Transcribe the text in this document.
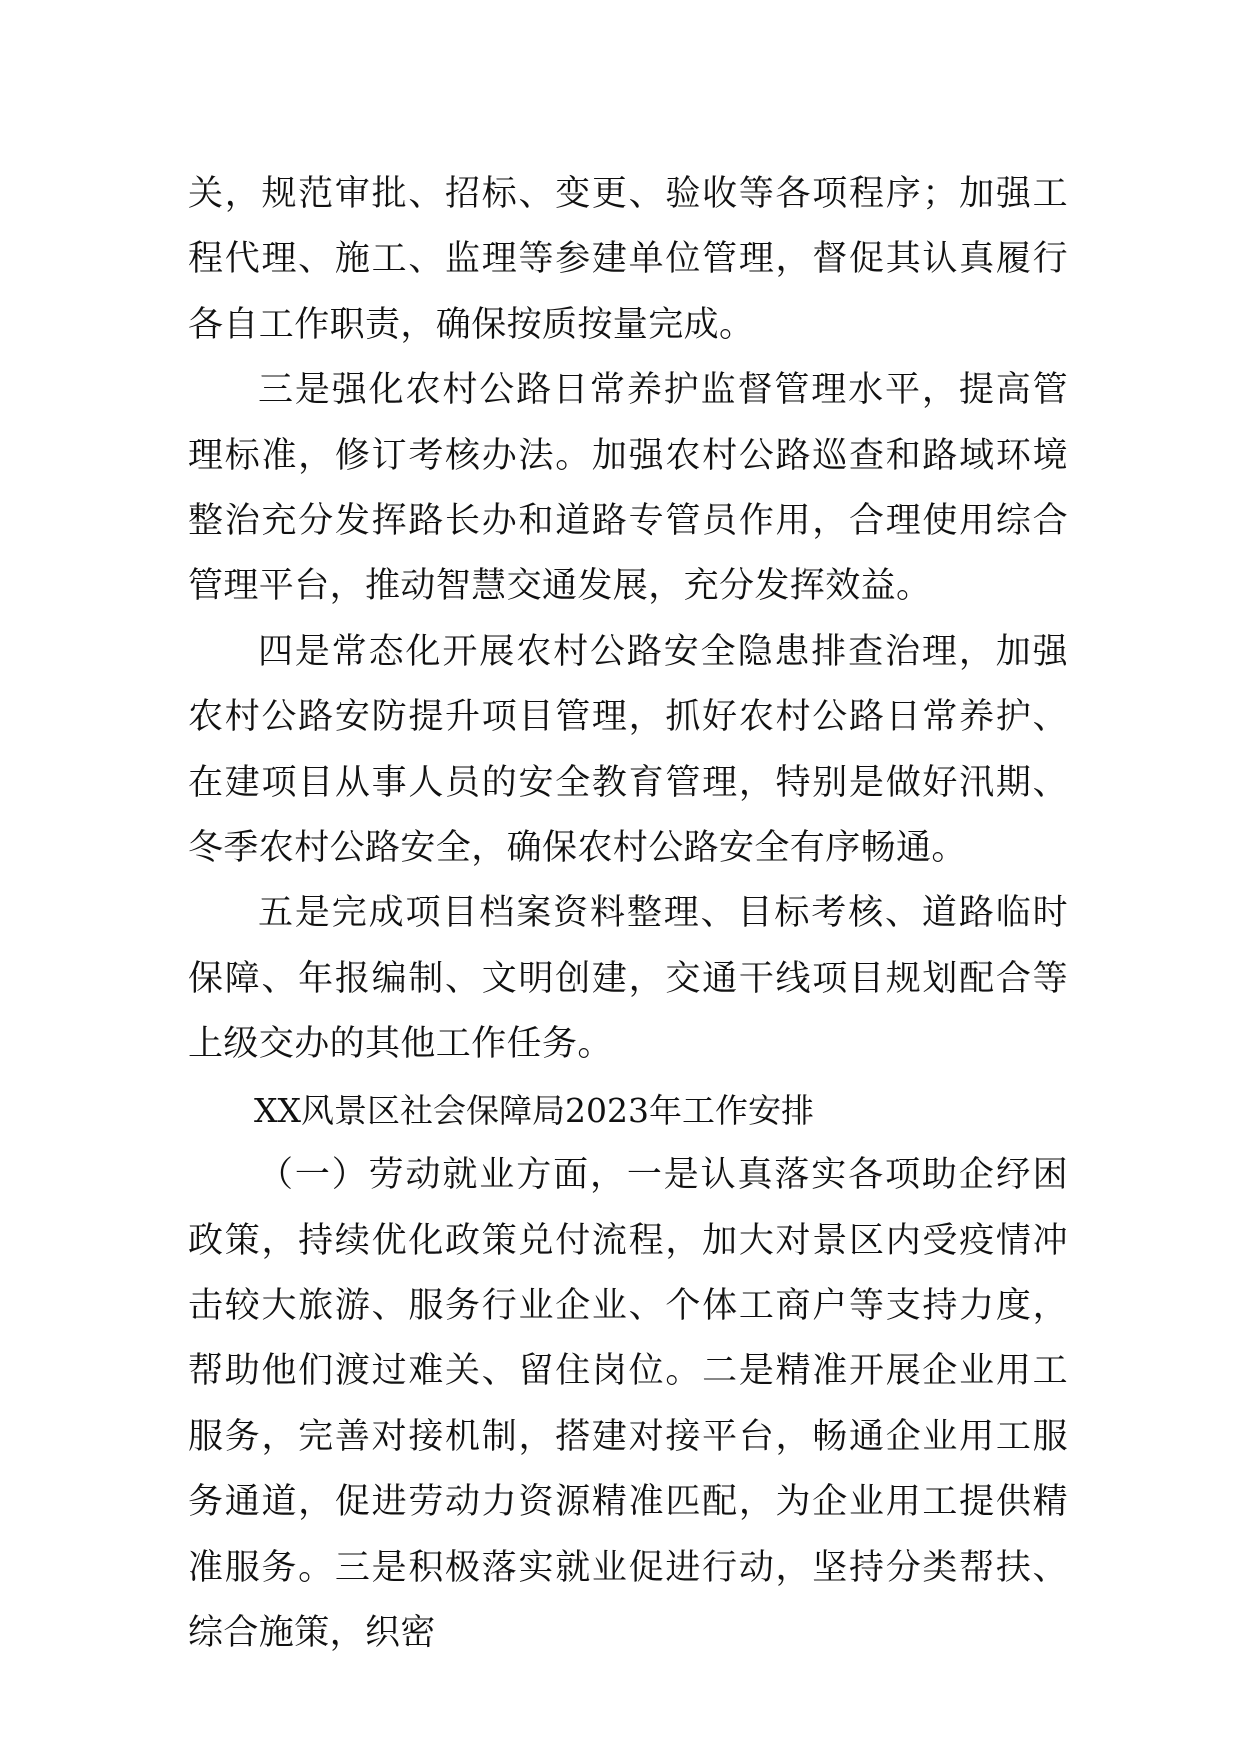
关，规范审批、招标、变更、验收等各项程序；加强工程代理、施工、监理等参建单位管理，督促其认真履行各自工作职责，确保按质按量完成。

三是强化农村公路日常养护监督管理水平，提高管理标准，修订考核办法。加强农村公路巡查和路域环境整治充分发挥路长办和道路专管员作用，合理使用综合管理平台，推动智慧交通发展，充分发挥效益。

四是常态化开展农村公路安全隐患排查治理，加强农村公路安防提升项目管理，抓好农村公路日常养护、在建项目从事人员的安全教育管理，特别是做好汛期、冬季农村公路安全，确保农村公路安全有序畅通。

五是完成项目档案资料整理、目标考核、道路临时保障、年报编制、文明创建，交通干线项目规划配合等上级交办的其他工作任务。

XX风景区社会保障局2023年工作安排

（一）劳动就业方面，一是认真落实各项助企纾困政策，持续优化政策兑付流程，加大对景区内受疫情冲击较大旅游、服务行业企业、个体工商户等支持力度，帮助他们渡过难关、留住岗位。二是精准开展企业用工服务，完善对接机制，搭建对接平台，畅通企业用工服务通道，促进劳动力资源精准匹配，为企业用工提供精准服务。三是积极落实就业促进行动，坚持分类帮扶、综合施策，织密
